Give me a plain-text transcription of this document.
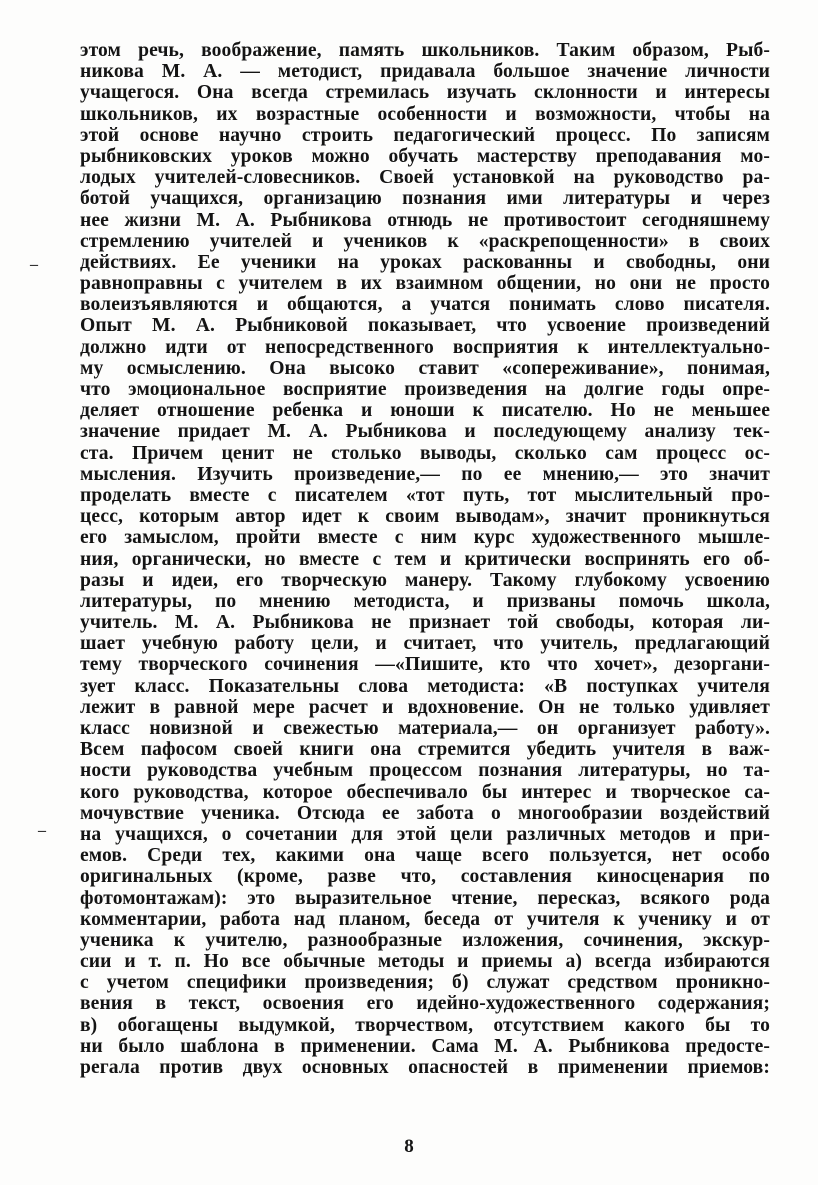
этом речь, воображение, память школьников. Таким образом, Рыб-
никова М. А. — методист, придавала большое значение личности
учащегося. Она всегда стремилась изучать склонности и интересы
школьников, их возрастные особенности и возможности, чтобы на
этой основе научно строить педагогический процесс. По записям
рыбниковских уроков можно обучать мастерству преподавания мо-
лодых учителей-словесников. Своей установкой на руководство ра-
ботой учащихся, организацию познания ими литературы и через
нее жизни М. А. Рыбникова отнюдь не противостоит сегодняшнему
стремлению учителей и учеников к «раскрепощенности» в своих
действиях. Ее ученики на уроках раскованны и свободны, они
равноправны с учителем в их взаимном общении, но они не просто
волеизъявляются и общаются, а учатся понимать слово писателя.
Опыт М. А. Рыбниковой показывает, что усвоение произведений
должно идти от непосредственного восприятия к интеллектуально-
му осмыслению. Она высоко ставит «сопереживание», понимая,
что эмоциональное восприятие произведения на долгие годы опре-
деляет отношение ребенка и юноши к писателю. Но не меньшее
значение придает М. А. Рыбникова и последующему анализу тек-
ста. Причем ценит не столько выводы, сколько сам процесс ос-
мысления. Изучить произведение,— по ее мнению,— это значит
проделать вместе с писателем «тот путь, тот мыслительный про-
цесс, которым автор идет к своим выводам», значит проникнуться
его замыслом, пройти вместе с ним курс художественного мышле-
ния, органически, но вместе с тем и критически воспринять его об-
разы и идеи, его творческую манеру. Такому глубокому усвоению
литературы, по мнению методиста, и призваны помочь школа,
учитель. М. А. Рыбникова не признает той свободы, которая ли-
шает учебную работу цели, и считает, что учитель, предлагающий
тему творческого сочинения —«Пишите, кто что хочет», дезоргани-
зует класс. Показательны слова методиста: «В поступках учителя
лежит в равной мере расчет и вдохновение. Он не только удивляет
класс новизной и свежестью материала,— он организует работу».
Всем пафосом своей книги она стремится убедить учителя в важ-
ности руководства учебным процессом познания литературы, но та-
кого руководства, которое обеспечивало бы интерес и творческое са-
мочувствие ученика. Отсюда ее забота о многообразии воздействий
на учащихся, о сочетании для этой цели различных методов и при-
емов. Среди тех, какими она чаще всего пользуется, нет особо
оригинальных (кроме, разве что, составления киносценария по
фотомонтажам): это выразительное чтение, пересказ, всякого рода
комментарии, работа над планом, беседа от учителя к ученику и от
ученика к учителю, разнообразные изложения, сочинения, экскур-
сии и т. п. Но все обычные методы и приемы а) всегда избираются
с учетом специфики произведения; б) служат средством проникно-
вения в текст, освоения его идейно-художественного содержания;
в) обогащены выдумкой, творчеством, отсутствием какого бы то
ни было шаблона в применении. Сама М. А. Рыбникова предосте-
регала против двух основных опасностей в применении приемов:
8
–
–
